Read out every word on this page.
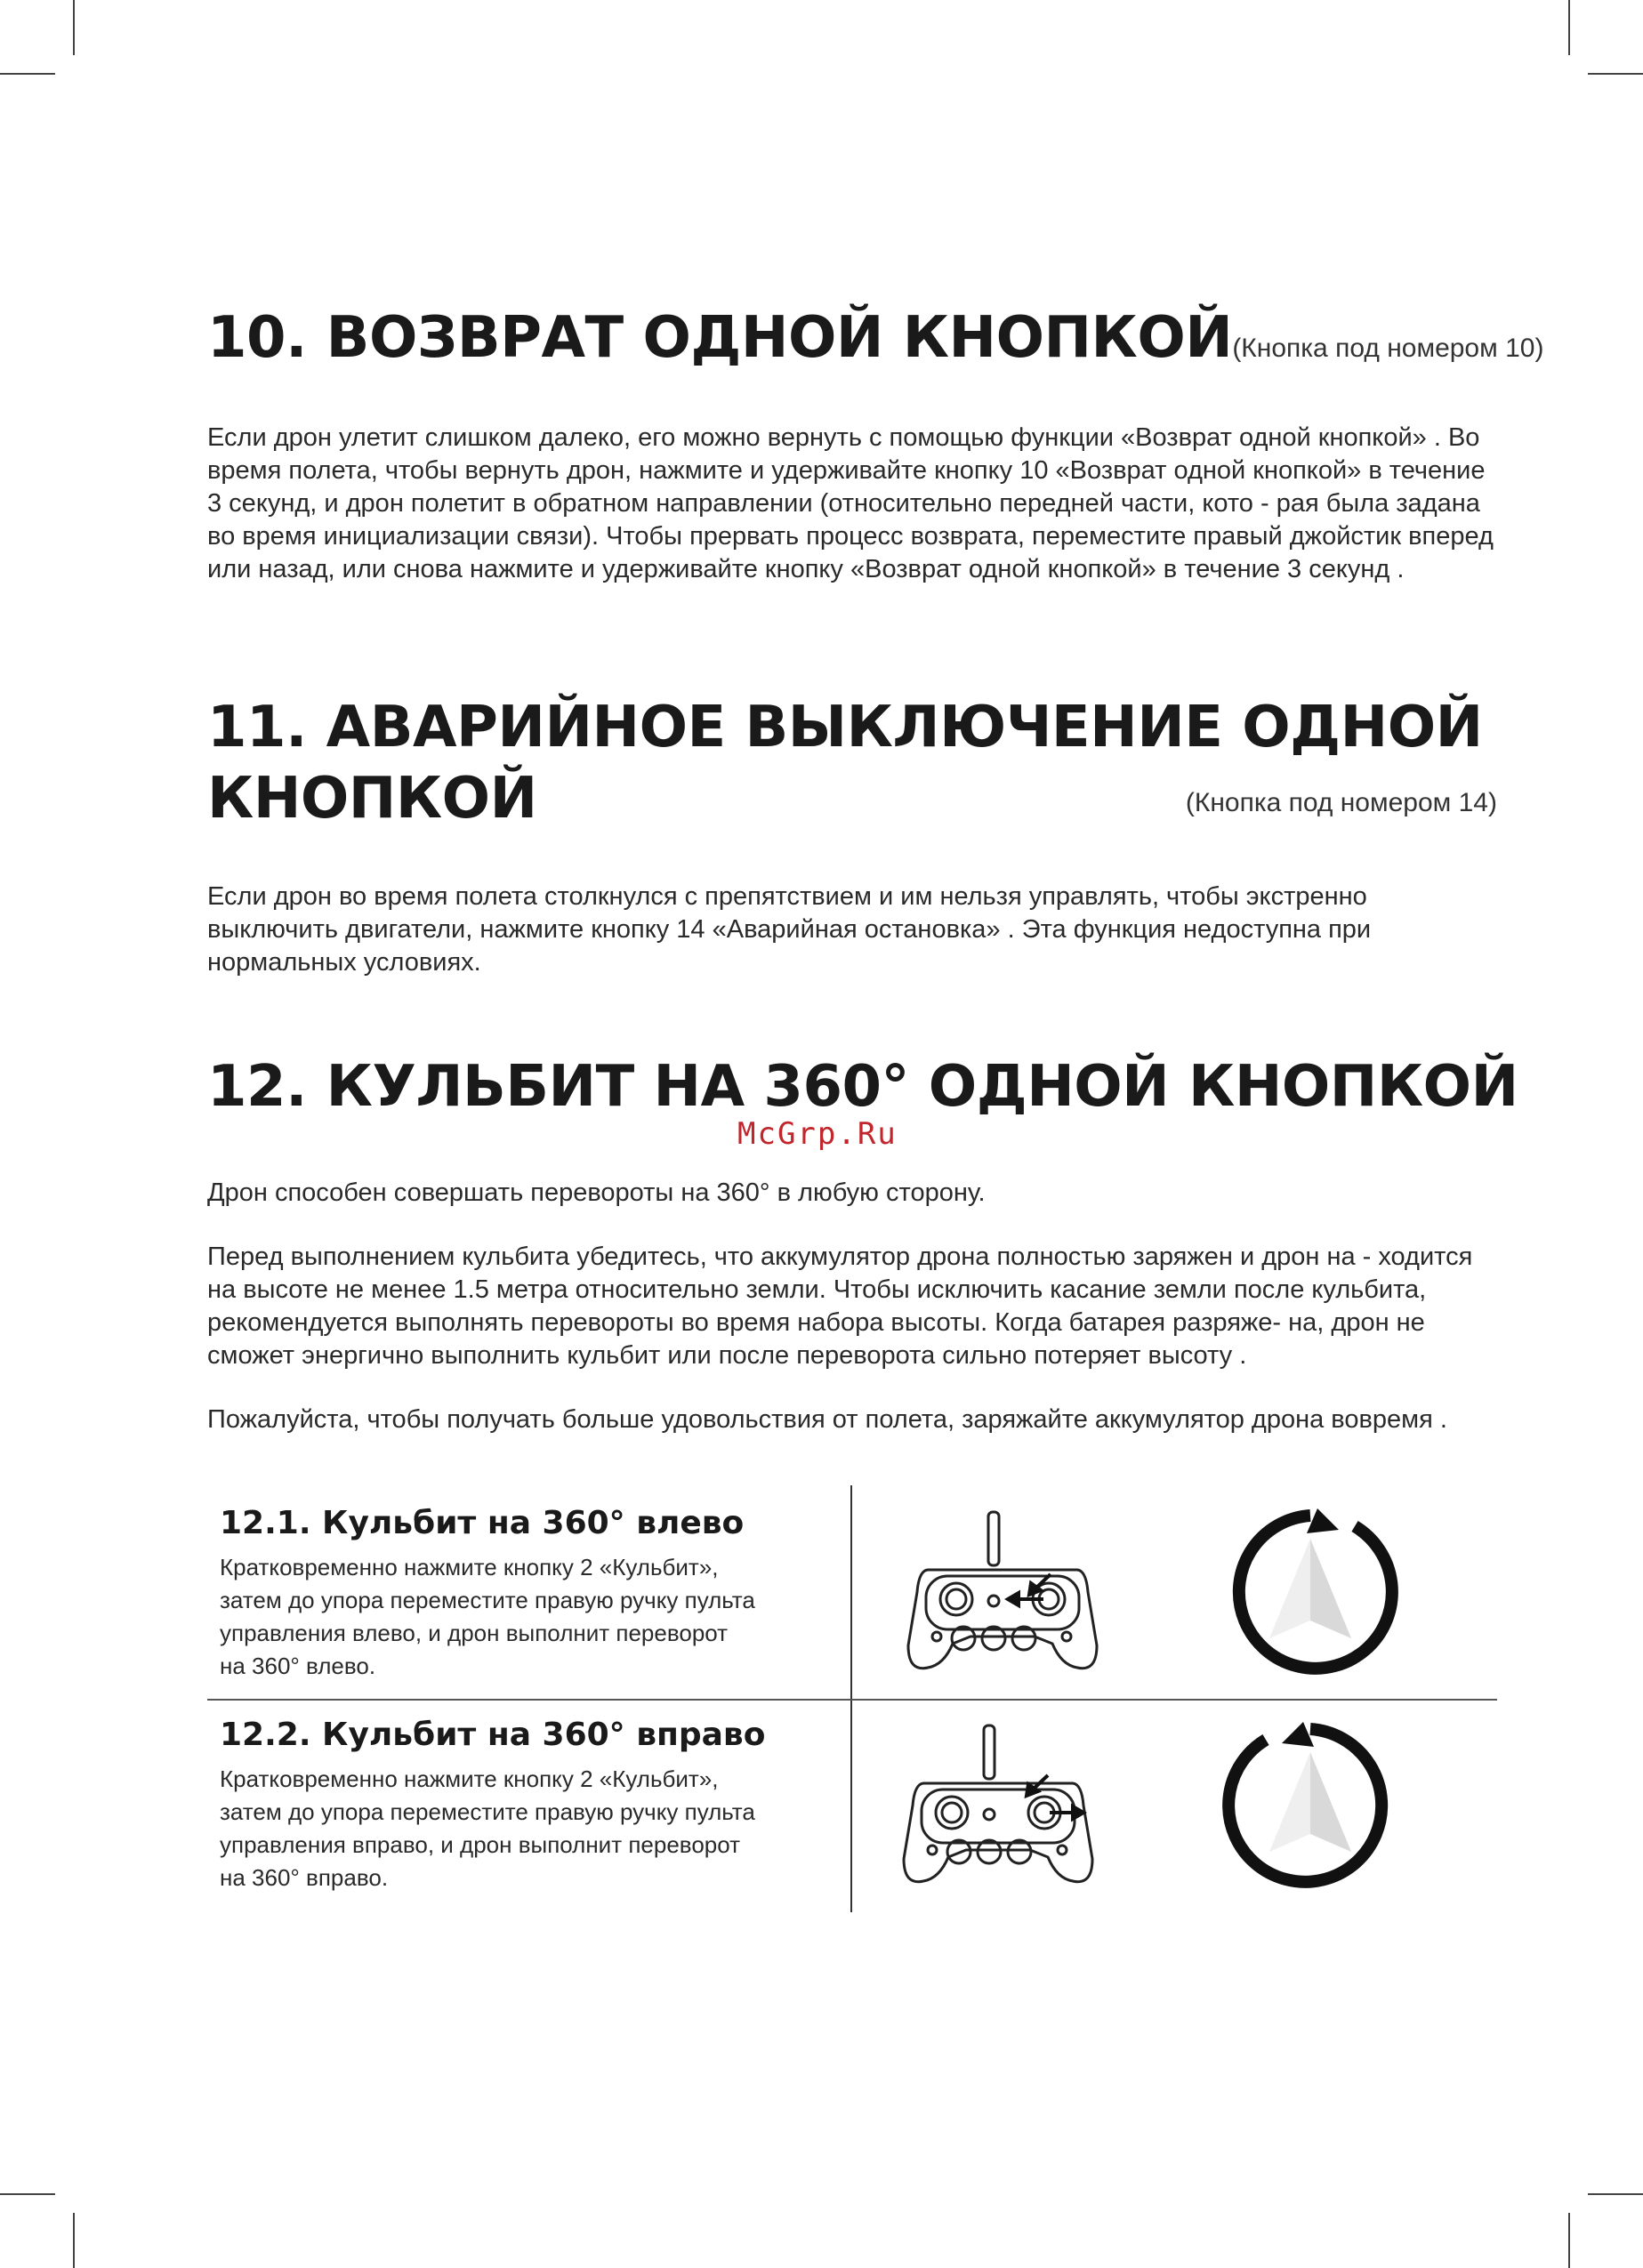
10. ВОЗВРАТ ОДНОЙ КНОПКОЙ(Кнопка под номером 10)

Если дрон улетит слишком далеко, его можно вернуть с помощью функции «Возврат одной кнопкой» . Во время полета, чтобы вернуть дрон, нажмите и удерживайте кнопку 10 «Возврат одной кнопкой» в течение 3 секунд, и дрон полетит в обратном направлении (относительно передней части, кото - рая была задана во время инициализации связи). Чтобы прервать процесс возврата, переместите правый джойстик вперед или назад, или снова нажмите и удерживайте кнопку «Возврат одной кнопкой» в течение 3 секунд .

11. АВАРИЙНОЕ ВЫКЛЮЧЕНИЕ ОДНОЙ
КНОПКОЙ	(Кнопка под номером 14)

Если дрон во время полета столкнулся с препятствием и им нельзя управлять, чтобы экстренно выключить двигатели, нажмите кнопку 14 «Аварийная остановка» . Эта функция недоступна при нормальных условиях.

12. КУЛЬБИТ НА 360° ОДНОЙ КНОПКОЙ
McGrp.Ru

Дрон способен совершать перевороты на 360° в любую сторону.

Перед выполнением кульбита убедитесь, что аккумулятор дрона полностью заряжен и дрон на - ходится на высоте не менее 1.5 метра относительно земли. Чтобы исключить касание земли после кульбита, рекомендуется выполнять перевороты во время набора высоты. Когда батарея разряже- на, дрон не сможет энергично выполнить кульбит или после переворота сильно потеряет высоту .

Пожалуйста, чтобы получать больше удовольствия от полета, заряжайте аккумулятор дрона вовремя .

12.1. Кульбит на 360° влево

Кратковременно нажмите кнопку 2 «Кульбит»,
затем до упора переместите правую ручку пульта
управления влево, и дрон выполнит переворот
на 360° влево.

12.2. Кульбит на 360° вправо

Кратковременно нажмите кнопку 2 «Кульбит»,
затем до упора переместите правую ручку пульта
управления вправо, и дрон выполнит переворот
на 360° вправо.
